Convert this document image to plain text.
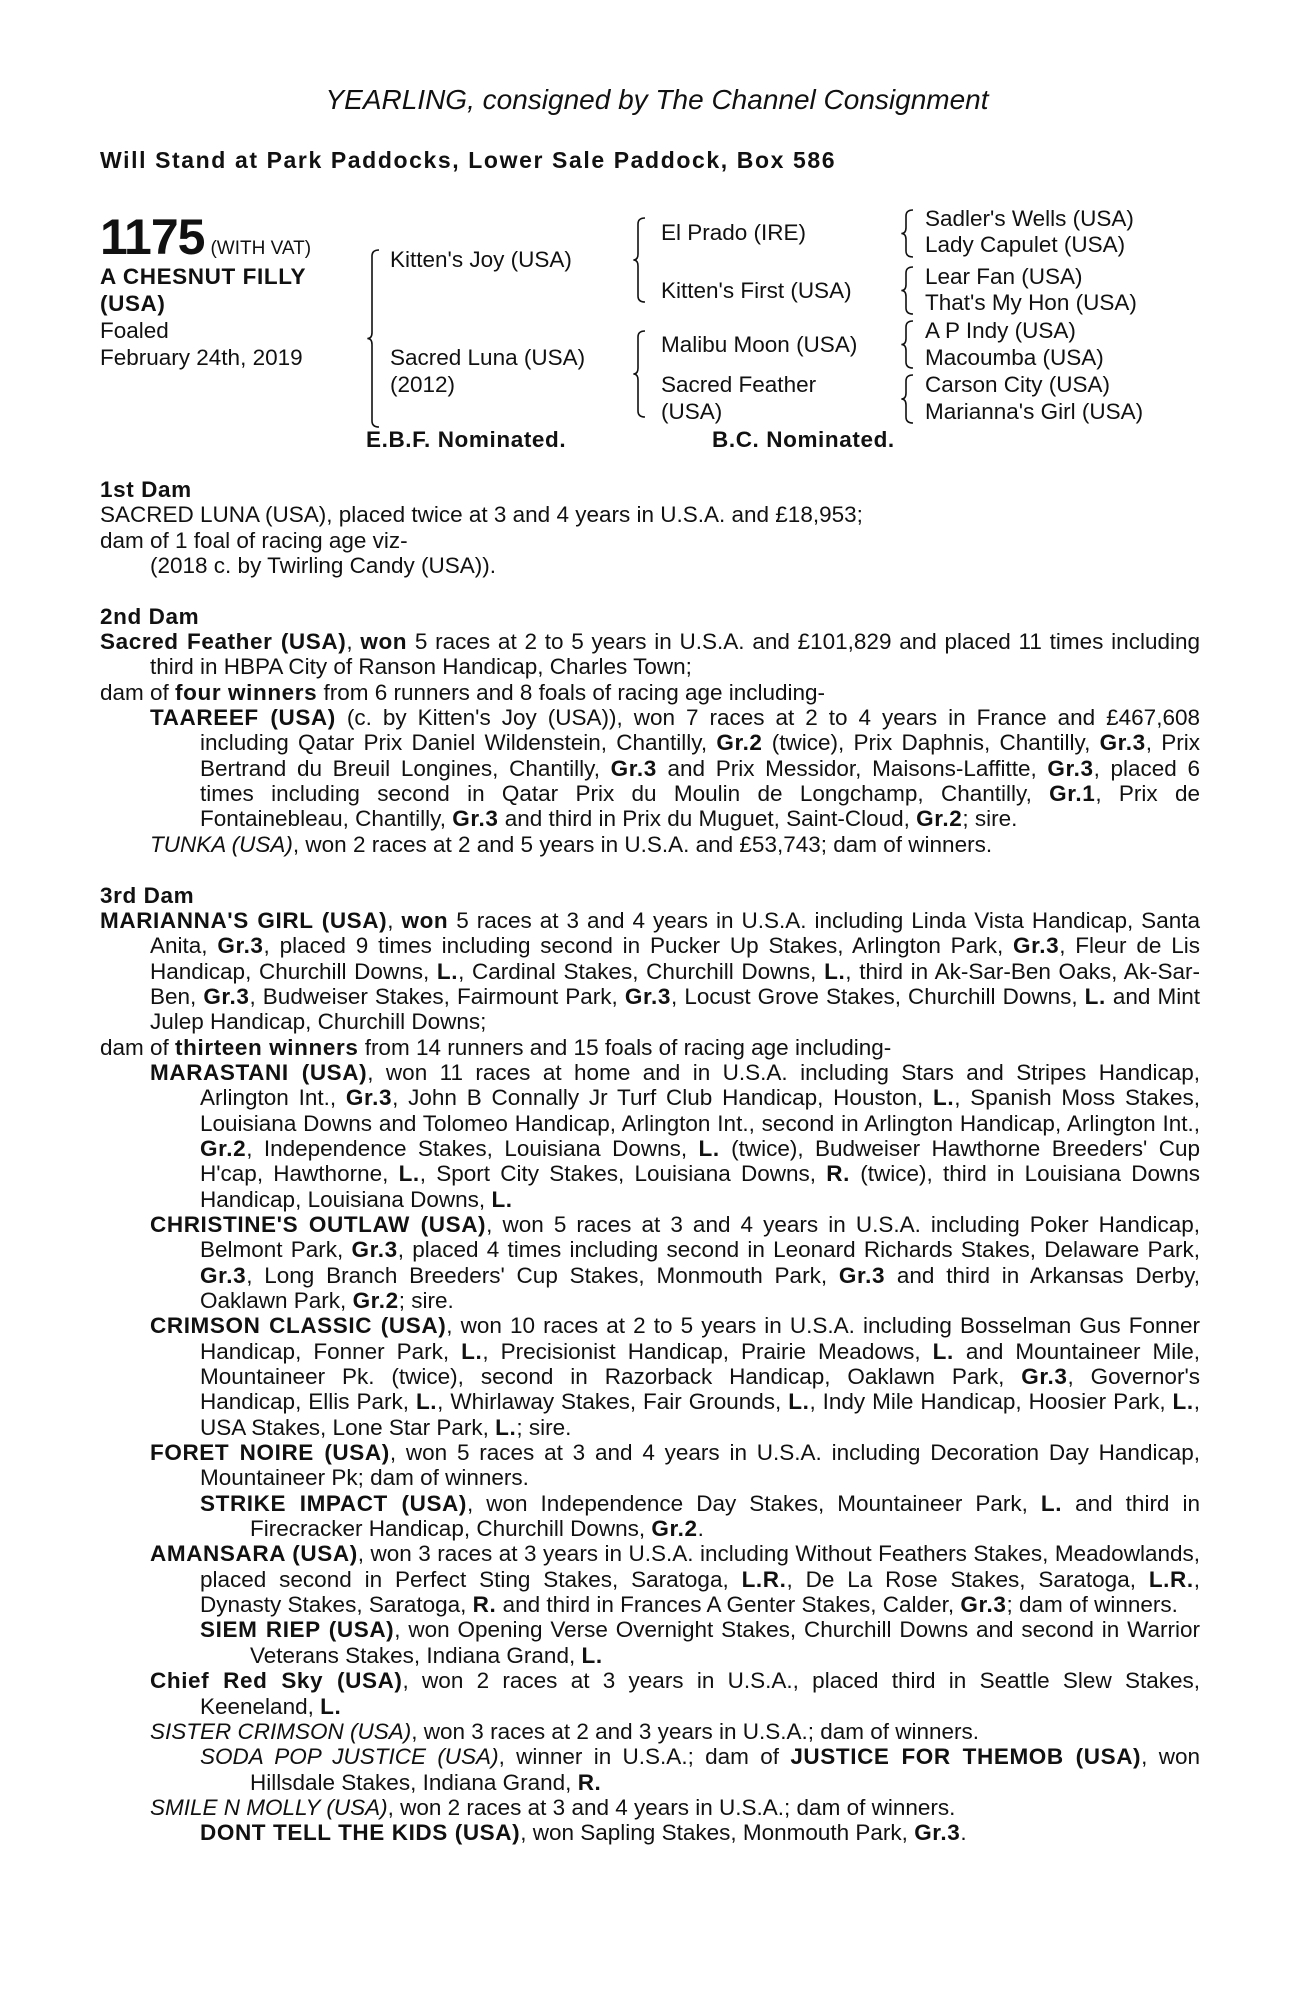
YEARLING, consigned by The Channel Consignment
Will Stand at Park Paddocks, Lower Sale Paddock, Box 586
1175 (WITH VAT)
A CHESNUT FILLY
(USA)
Foaled
February 24th, 2019
Kitten's Joy (USA)
Sacred Luna (USA)
(2012)
El Prado (IRE)
Kitten's First (USA)
Malibu Moon (USA)
Sacred Feather
(USA)
Sadler's Wells (USA)
Lady Capulet (USA)
Lear Fan (USA)
That's My Hon (USA)
A P Indy (USA)
Macoumba (USA)
Carson City (USA)
Marianna's Girl (USA)
E.B.F. Nominated.	B.C. Nominated.
1st Dam
SACRED LUNA (USA), placed twice at 3 and 4 years in U.S.A. and £18,953;
dam of 1 foal of racing age viz-
(2018 c. by Twirling Candy (USA)).
2nd Dam
Sacred Feather (USA), won 5 races at 2 to 5 years in U.S.A. and £101,829 and placed 11 times including third in HBPA City of Ranson Handicap, Charles Town;
dam of four winners from 6 runners and 8 foals of racing age including-
TAAREEF (USA) (c. by Kitten's Joy (USA)), won 7 races at 2 to 4 years in France and £467,608 including Qatar Prix Daniel Wildenstein, Chantilly, Gr.2 (twice), Prix Daphnis, Chantilly, Gr.3, Prix Bertrand du Breuil Longines, Chantilly, Gr.3 and Prix Messidor, Maisons-Laffitte, Gr.3, placed 6 times including second in Qatar Prix du Moulin de Longchamp, Chantilly, Gr.1, Prix de Fontainebleau, Chantilly, Gr.3 and third in Prix du Muguet, Saint-Cloud, Gr.2; sire.
TUNKA (USA), won 2 races at 2 and 5 years in U.S.A. and £53,743; dam of winners.
3rd Dam
MARIANNA'S GIRL (USA), won 5 races at 3 and 4 years in U.S.A. including Linda Vista Handicap, Santa Anita, Gr.3, placed 9 times including second in Pucker Up Stakes, Arlington Park, Gr.3, Fleur de Lis Handicap, Churchill Downs, L., Cardinal Stakes, Churchill Downs, L., third in Ak-Sar-Ben Oaks, Ak-Sar-Ben, Gr.3, Budweiser Stakes, Fairmount Park, Gr.3, Locust Grove Stakes, Churchill Downs, L. and Mint Julep Handicap, Churchill Downs;
dam of thirteen winners from 14 runners and 15 foals of racing age including-
MARASTANI (USA), won 11 races at home and in U.S.A. including Stars and Stripes Handicap, Arlington Int., Gr.3, John B Connally Jr Turf Club Handicap, Houston, L., Spanish Moss Stakes, Louisiana Downs and Tolomeo Handicap, Arlington Int., second in Arlington Handicap, Arlington Int., Gr.2, Independence Stakes, Louisiana Downs, L. (twice), Budweiser Hawthorne Breeders' Cup H'cap, Hawthorne, L., Sport City Stakes, Louisiana Downs, R. (twice), third in Louisiana Downs Handicap, Louisiana Downs, L.
CHRISTINE'S OUTLAW (USA), won 5 races at 3 and 4 years in U.S.A. including Poker Handicap, Belmont Park, Gr.3, placed 4 times including second in Leonard Richards Stakes, Delaware Park, Gr.3, Long Branch Breeders' Cup Stakes, Monmouth Park, Gr.3 and third in Arkansas Derby, Oaklawn Park, Gr.2; sire.
CRIMSON CLASSIC (USA), won 10 races at 2 to 5 years in U.S.A. including Bosselman Gus Fonner Handicap, Fonner Park, L., Precisionist Handicap, Prairie Meadows, L. and Mountaineer Mile, Mountaineer Pk. (twice), second in Razorback Handicap, Oaklawn Park, Gr.3, Governor's Handicap, Ellis Park, L., Whirlaway Stakes, Fair Grounds, L., Indy Mile Handicap, Hoosier Park, L., USA Stakes, Lone Star Park, L.; sire.
FORET NOIRE (USA), won 5 races at 3 and 4 years in U.S.A. including Decoration Day Handicap, Mountaineer Pk; dam of winners.
STRIKE IMPACT (USA), won Independence Day Stakes, Mountaineer Park, L. and third in Firecracker Handicap, Churchill Downs, Gr.2.
AMANSARA (USA), won 3 races at 3 years in U.S.A. including Without Feathers Stakes, Meadowlands, placed second in Perfect Sting Stakes, Saratoga, L.R., De La Rose Stakes, Saratoga, L.R., Dynasty Stakes, Saratoga, R. and third in Frances A Genter Stakes, Calder, Gr.3; dam of winners.
SIEM RIEP (USA), won Opening Verse Overnight Stakes, Churchill Downs and second in Warrior Veterans Stakes, Indiana Grand, L.
Chief Red Sky (USA), won 2 races at 3 years in U.S.A., placed third in Seattle Slew Stakes, Keeneland, L.
SISTER CRIMSON (USA), won 3 races at 2 and 3 years in U.S.A.; dam of winners.
SODA POP JUSTICE (USA), winner in U.S.A.; dam of JUSTICE FOR THEMOB (USA), won Hillsdale Stakes, Indiana Grand, R.
SMILE N MOLLY (USA), won 2 races at 3 and 4 years in U.S.A.; dam of winners.
DONT TELL THE KIDS (USA), won Sapling Stakes, Monmouth Park, Gr.3.
